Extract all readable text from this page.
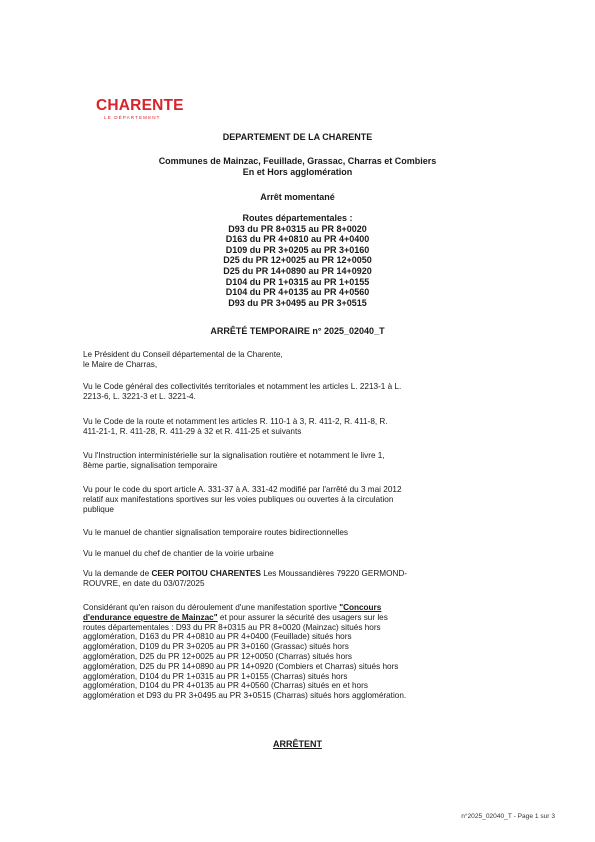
CHARENTE
LE DÉPARTEMENT
DEPARTEMENT DE LA CHARENTE
Communes de Mainzac, Feuillade, Grassac, Charras et Combiers
En et Hors agglomération
Arrêt momentané
Routes départementales :
D93 du PR 8+0315 au PR 8+0020
D163 du PR 4+0810 au PR 4+0400
D109 du PR 3+0205 au PR 3+0160
D25 du PR 12+0025 au PR 12+0050
D25 du PR 14+0890 au PR 14+0920
D104 du PR 1+0315 au PR 1+0155
D104 du PR 4+0135 au PR 4+0560
D93 du PR 3+0495 au PR 3+0515
ARRÊTÉ TEMPORAIRE n° 2025_02040_T
Le Président du Conseil départemental de la Charente,
le Maire de Charras,
Vu le Code général des collectivités territoriales et notamment les articles L. 2213-1 à L.
2213-6, L. 3221-3 et L. 3221-4.
Vu le Code de la route et notamment les articles R. 110-1 à 3, R. 411-2, R. 411-8, R.
411-21-1, R. 411-28, R. 411-29 à 32 et R. 411-25 et suivants
Vu l'Instruction interministérielle sur la signalisation routière et notamment le livre 1,
8ème partie, signalisation temporaire
Vu pour le code du sport article A. 331-37 à A. 331-42 modifié par l'arrêté du 3 mai 2012
relatif aux manifestations sportives sur les voies publiques ou ouvertes à la circulation
publique
Vu le manuel de chantier signalisation temporaire routes bidirectionnelles
Vu le manuel du chef de chantier de la voirie urbaine
Vu la demande de CEER POITOU CHARENTES Les Moussandières 79220 GERMOND-
ROUVRE, en date du 03/07/2025
Considérant qu'en raison du déroulement d'une manifestation sportive "Concours
d'endurance equestre de Mainzac" et pour assurer la sécurité des usagers sur les
routes départementales : D93 du PR 8+0315 au PR 8+0020 (Mainzac) situés hors
agglomération, D163 du PR 4+0810 au PR 4+0400 (Feuillade) situés hors
agglomération, D109 du PR 3+0205 au PR 3+0160 (Grassac) situés hors
agglomération, D25 du PR 12+0025 au PR 12+0050 (Charras) situés hors
agglomération, D25 du PR 14+0890 au PR 14+0920 (Combiers et Charras) situés hors
agglomération, D104 du PR 1+0315 au PR 1+0155 (Charras) situés hors
agglomération, D104 du PR 4+0135 au PR 4+0560 (Charras) situés en et hors
agglomération et D93 du PR 3+0495 au PR 3+0515 (Charras) situés hors agglomération.
ARRÊTENT
n°2025_02040_T - Page 1 sur 3
